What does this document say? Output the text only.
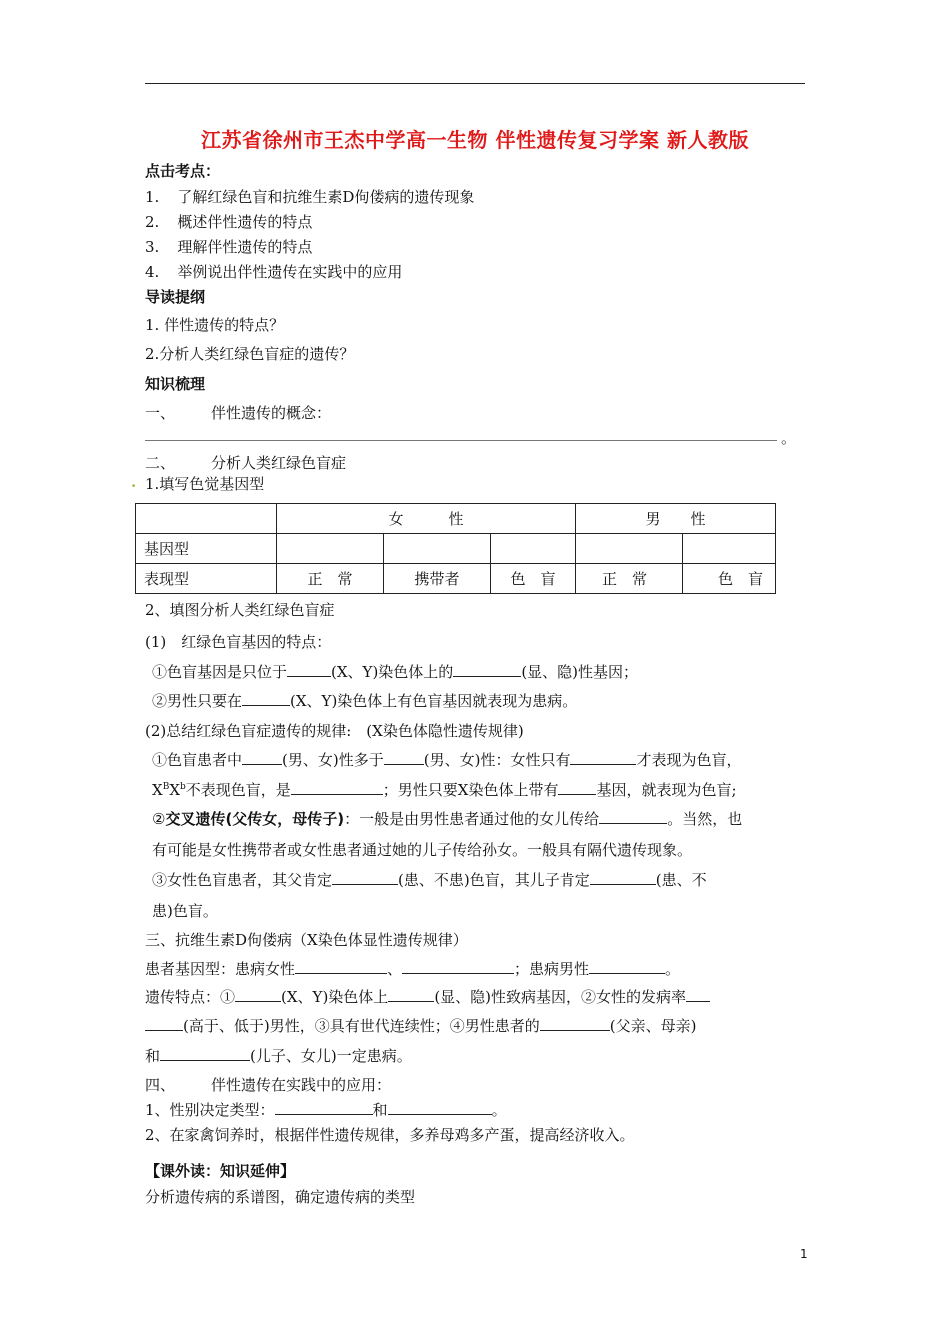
江苏省徐州市王杰中学高一生物 伴性遗传复习学案 新人教版
点击考点：
1. 了解红绿色盲和抗维生素D佝偻病的遗传现象
2. 概述伴性遗传的特点
3. 理解伴性遗传的特点
4. 举例说出伴性遗传在实践中的应用
导读提纲
1. 伴性遗传的特点？
2.分析人类红绿色盲症的遗传？
知识梳理
一、 伴性遗传的概念：
。
二、 分析人类红绿色盲症
. 1.填写色觉基因型
	女　　　性			男　　性	
基因型					
表现型	正　常	携带者	色　盲	正　常	色　盲
2、填图分析人类红绿色盲症
(1)　红绿色盲基因的特点：
①色盲基因是只位于	(X、Y)染色体上的	(显、隐)性基因；
②男性只要在	(X、Y)染色体上有色盲基因就表现为患病。
(2)总结红绿色盲症遗传的规律:　(X染色体隐性遗传规律)
①色盲患者中	(男、女)性多于	(男、女)性：女性只有	才表现为色盲，
$X^BX^b$不表现色盲，是	；男性只要X染色体上带有	基因，就表现为色盲;
②交叉遗传(父传女，母传子)：一般是由男性患者通过他的女儿传给	。当然，也
有可能是女性携带者或女性患者通过她的儿子传给孙女。一般具有隔代遗传现象。
③女性色盲患者，其父肯定	(患、不患)色盲，其儿子肯定	(患、不
患)色盲。
三、抗维生素D佝偻病（X染色体显性遗传规律）
患者基因型：患病女性	、	；患病男性	。
遗传特点：①	(X、Y)染色体上	(显、隐)性致病基因，②女性的发病率
(高于、低于)男性，③具有世代连续性；④男性患者的	(父亲、母亲)
和	(儿子、女儿)一定患病。
四、 伴性遗传在实践中的应用：
1、性别决定类型：	和	。
2、在家禽饲养时，根据伴性遗传规律，多养母鸡多产蛋，提高经济收入。
【课外读：知识延伸】
分析遗传病的系谱图，确定遗传病的类型
1
